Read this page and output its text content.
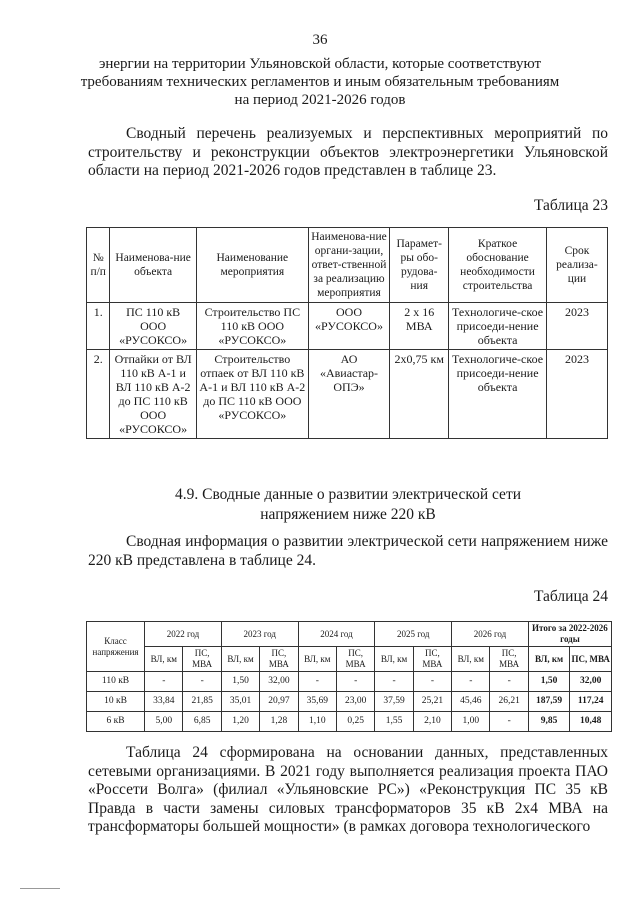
36
энергии на территории Ульяновской области, которые соответствуют
требованиям технических регламентов и иным обязательным требованиям
на период 2021-2026 годов
Сводный перечень реализуемых и перспективных мероприятий по строительству и реконструкции объектов электроэнергетики Ульяновской области на период 2021-2026 годов представлен в таблице 23.
Таблица 23
№ п/п	Наименова-ние объекта	Наименование мероприятия	Наименова-ние органи-зации, ответ-ственной за реализацию мероприятия	Парамет-ры обо-рудова-ния	Краткое обоснование необходимости строительства	Срок реализа-ции
1.	ПС 110 кВ ООО «РУСОКСО»	Строительство ПС 110 кВ ООО «РУСОКСО»	ООО «РУСОКСО»	2 х 16 МВА	Технологиче-ское присоеди-нение объекта	2023
2.	Отпайки от ВЛ 110 кВ А-1 и ВЛ 110 кВ А-2 до ПС 110 кВ ООО «РУСОКСО»	Строительство отпаек от ВЛ 110 кВ А-1 и ВЛ 110 кВ А-2 до ПС 110 кВ ООО «РУСОКСО»	АО «Авиастар-ОПЭ»	2х0,75 км	Технологиче-ское присоеди-нение объекта	2023
4.9. Сводные данные о развитии электрической сети
напряжением ниже 220 кВ
Сводная информация о развитии электрической сети напряжением ниже 220 кВ представлена в таблице 24.
Таблица 24
Класс напряжения	2022 год		2023 год		2024 год		2025 год		2026 год		Итого за 2022-2026 годы	
	ВЛ, км	ПС, МВА	ВЛ, км	ПС, МВА	ВЛ, км	ПС, МВА	ВЛ, км	ПС, МВА	ВЛ, км	ПС, МВА	ВЛ, км	ПС, МВА
110 кВ	-	-	1,50	32,00	-	-	-	-	-	-	1,50	32,00
10 кВ	33,84	21,85	35,01	20,97	35,69	23,00	37,59	25,21	45,46	26,21	187,59	117,24
6 кВ	5,00	6,85	1,20	1,28	1,10	0,25	1,55	2,10	1,00	-	9,85	10,48
Таблица 24 сформирована на основании данных, представленных сетевыми организациями. В 2021 году выполняется реализация проекта ПАО «Россети Волга» (филиал «Ульяновские РС») «Реконструкция ПС 35 кВ Правда в части замены силовых трансформаторов 35 кВ 2х4 МВА на трансформаторы большей мощности» (в рамках договора технологического
